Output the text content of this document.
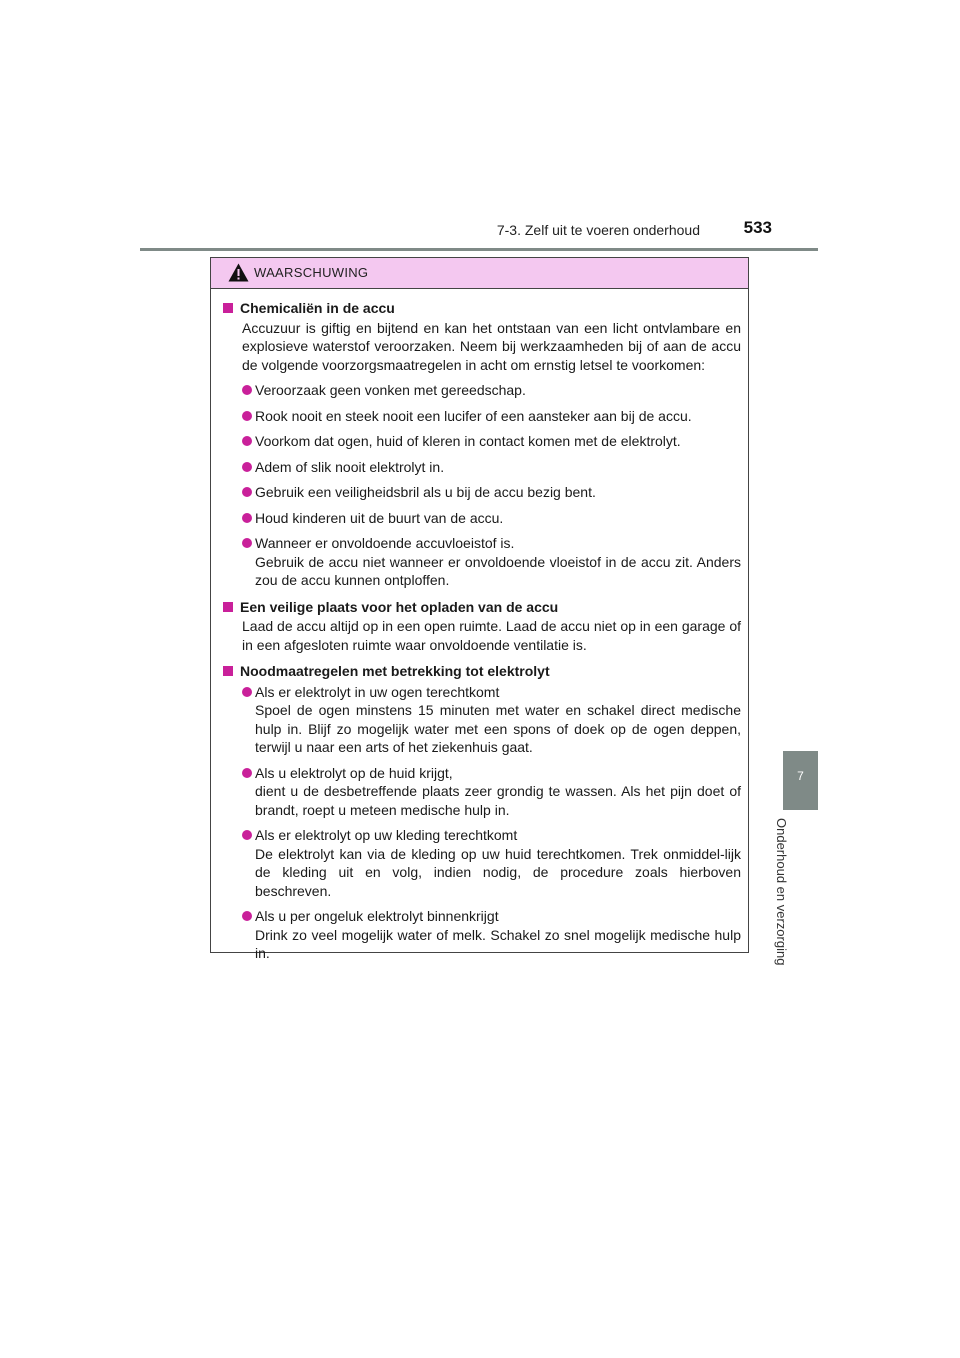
7-3. Zelf uit te voeren onderhoud	533
7
Onderhoud en verzorging
WAARSCHUWING

Chemicaliën in de accu

Accuzuur is giftig en bijtend en kan het ontstaan van een licht ontvlambare en explosieve waterstof veroorzaken. Neem bij werkzaamheden bij of aan de accu de volgende voorzorgsmaatregelen in acht om ernstig letsel te voorkomen:

Veroorzaak geen vonken met gereedschap.
Rook nooit en steek nooit een lucifer of een aansteker aan bij de accu.
Voorkom dat ogen, huid of kleren in contact komen met de elektrolyt.
Adem of slik nooit elektrolyt in.
Gebruik een veiligheidsbril als u bij de accu bezig bent.
Houd kinderen uit de buurt van de accu.
Wanneer er onvoldoende accuvloeistof is.
Gebruik de accu niet wanneer er onvoldoende vloeistof in de accu zit. Anders zou de accu kunnen ontploffen.

Een veilige plaats voor het opladen van de accu

Laad de accu altijd op in een open ruimte. Laad de accu niet op in een garage of in een afgesloten ruimte waar onvoldoende ventilatie is.

Noodmaatregelen met betrekking tot elektrolyt

Als er elektrolyt in uw ogen terechtkomt
Spoel de ogen minstens 15 minuten met water en schakel direct medische hulp in. Blijf zo mogelijk water met een spons of doek op de ogen deppen, terwijl u naar een arts of het ziekenhuis gaat.
Als u elektrolyt op de huid krijgt,
dient u de desbetreffende plaats zeer grondig te wassen. Als het pijn doet of brandt, roept u meteen medische hulp in.
Als er elektrolyt op uw kleding terechtkomt
De elektrolyt kan via de kleding op uw huid terechtkomen. Trek onmiddel-lijk de kleding uit en volg, indien nodig, de procedure zoals hierboven beschreven.
Als u per ongeluk elektrolyt binnenkrijgt
Drink zo veel mogelijk water of melk. Schakel zo snel mogelijk medische hulp in.
